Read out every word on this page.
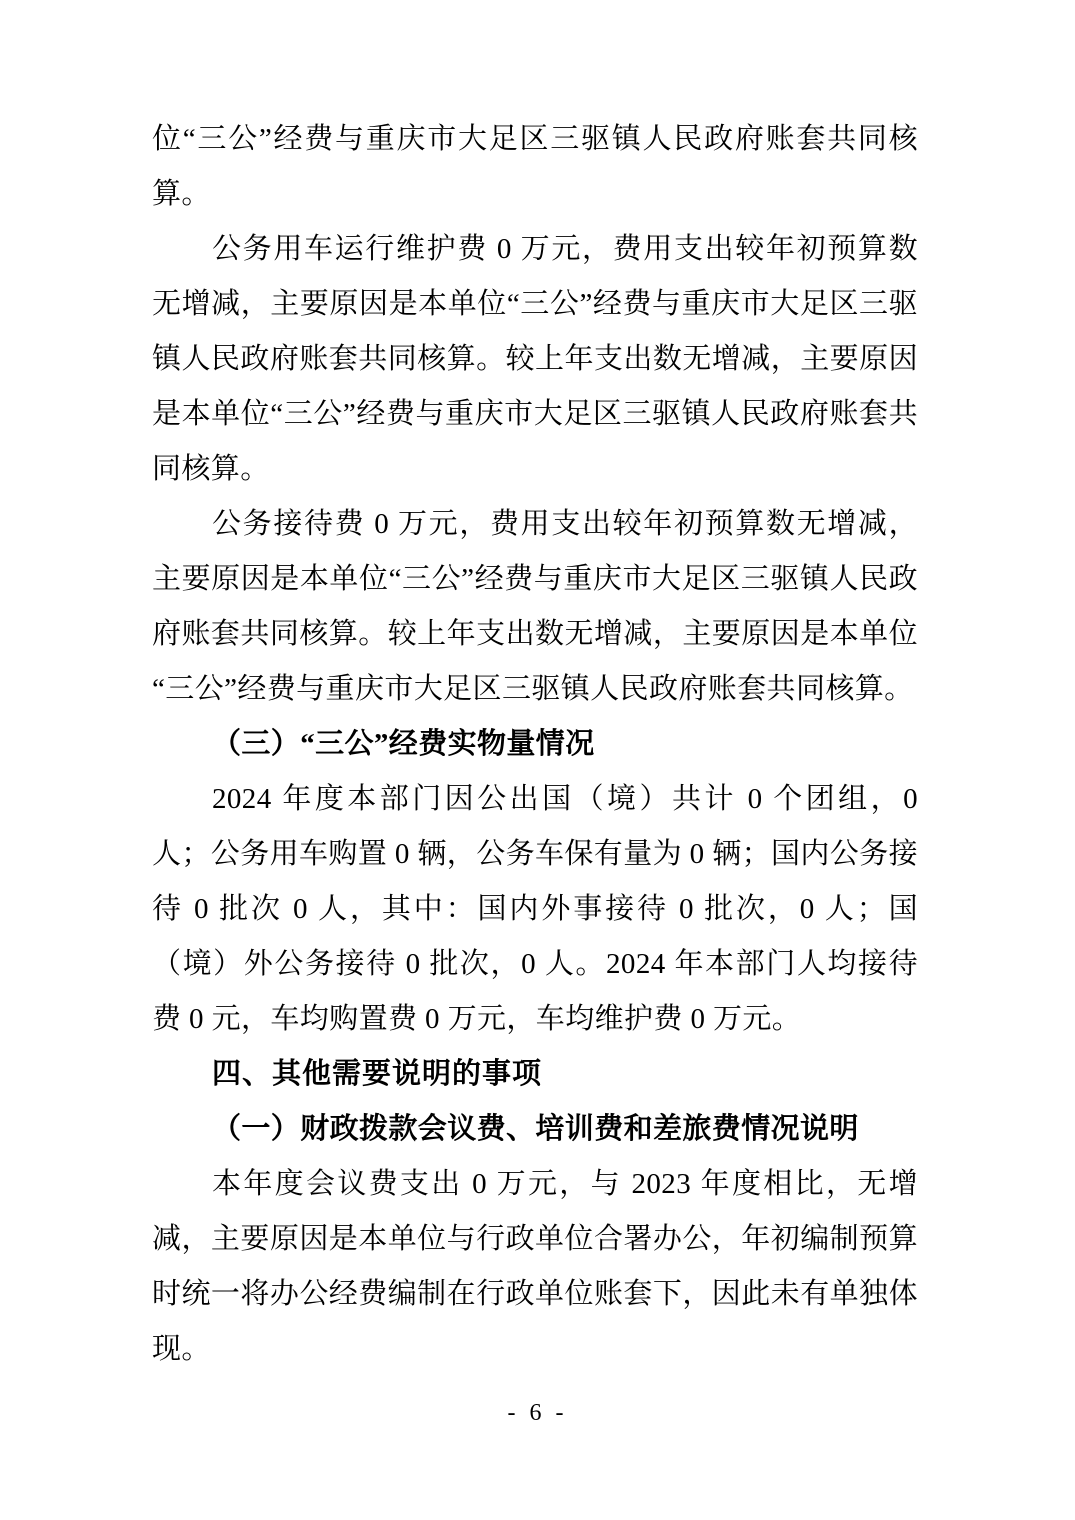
位“三公”经费与重庆市大足区三驱镇人民政府账套共同核算。

公务用车运行维护费 0 万元，费用支出较年初预算数无增减，主要原因是本单位“三公”经费与重庆市大足区三驱镇人民政府账套共同核算。较上年支出数无增减，主要原因是本单位“三公”经费与重庆市大足区三驱镇人民政府账套共同核算。

公务接待费 0 万元，费用支出较年初预算数无增减，主要原因是本单位“三公”经费与重庆市大足区三驱镇人民政府账套共同核算。较上年支出数无增减，主要原因是本单位“三公”经费与重庆市大足区三驱镇人民政府账套共同核算。

（三）“三公”经费实物量情况

2024 年度本部门因公出国（境）共计 0 个团组，0 人；公务用车购置 0 辆，公务车保有量为 0 辆；国内公务接待 0 批次 0 人，其中：国内外事接待 0 批次，0 人；国（境）外公务接待 0 批次，0 人。2024 年本部门人均接待费 0 元，车均购置费 0 万元，车均维护费 0 万元。

四、其他需要说明的事项

（一）财政拨款会议费、培训费和差旅费情况说明

本年度会议费支出 0 万元，与 2023 年度相比，无增减，主要原因是本单位与行政单位合署办公，年初编制预算时统一将办公经费编制在行政单位账套下，因此未有单独体现。

- 6 -
